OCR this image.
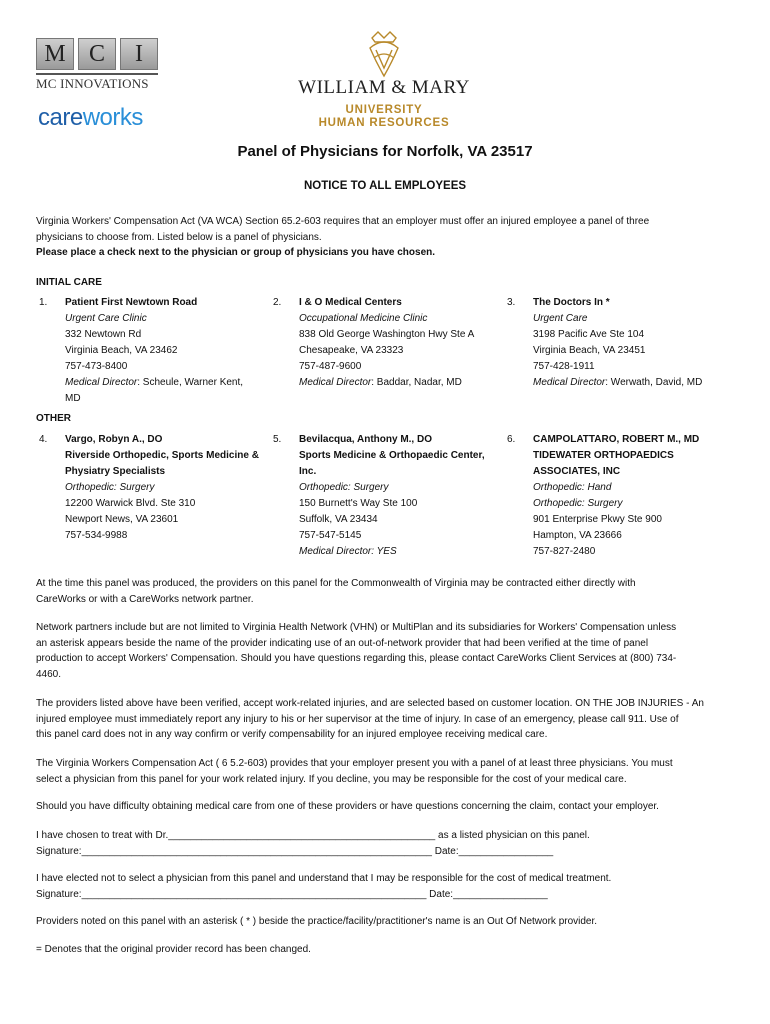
M C	I
MC INNOVATIONS
careworks
WILLIAM & MARY
UNIVERSITY
HUMAN RESOURCES
Panel of Physicians for Norfolk, VA 23517
NOTICE TO ALL EMPLOYEES
Virginia Workers' Compensation Act (VA WCA) Section 65.2-603 requires that an employer must offer an injured employee a panel of three
physicians to choose from. Listed below is a panel of physicians.
Please place a check next to the physician or group of physicians you have chosen.
INITIAL CARE
1. Patient First Newtown Road
Urgent Care Clinic
332 Newtown Rd
Virginia Beach, VA 23462
757-473-8400
Medical Director: Scheule, Warner Kent,
MD
2. I & O Medical Centers
Occupational Medicine Clinic
838 Old George Washington Hwy Ste A
Chesapeake, VA 23323
757-487-9600
Medical Director: Baddar, Nadar, MD
3. The Doctors In *
Urgent Care
3198 Pacific Ave Ste 104
Virginia Beach, VA 23451
757-428-1911
Medical Director: Werwath, David, MD
OTHER
4. Vargo, Robyn A., DO
Riverside Orthopedic, Sports Medicine &
Physiatry Specialists
Orthopedic: Surgery
12200 Warwick Blvd. Ste 310
Newport News, VA 23601
757-534-9988
5. Bevilacqua, Anthony M., DO
Sports Medicine & Orthopaedic Center,
Inc.
Orthopedic: Surgery
150 Burnett's Way Ste 100
Suffolk, VA 23434
757-547-5145
Medical Director: YES
6. CAMPOLATTARO, ROBERT M., MD
TIDEWATER ORTHOPAEDICS
ASSOCIATES, INC
Orthopedic: Hand
Orthopedic: Surgery
901 Enterprise Pkwy Ste 900
Hampton, VA 23666
757-827-2480
At the time this panel was produced, the providers on this panel for the Commonwealth of Virginia may be contracted either directly with
CareWorks or with a CareWorks network partner.
Network partners include but are not limited to Virginia Health Network (VHN) or MultiPlan and its subsidiaries for Workers' Compensation unless
an asterisk appears beside the name of the provider indicating use of an out-of-network provider that had been verified at the time of panel
production to accept Workers' Compensation. Should you have questions regarding this, please contact CareWorks Client Services at (800) 734-
4460.
The providers listed above have been verified, accept work-related injuries, and are selected based on customer location. ON THE JOB INJURIES - An
injured employee must immediately report any injury to his or her supervisor at the time of injury. In case of an emergency, please call 911. Use of
this panel card does not in any way confirm or verify compensability for an injured employee receiving medical care.
The Virginia Workers Compensation Act ( 6 5.2-603) provides that your employer present you with a panel of at least three physicians. You must
select a physician from this panel for your work related injury. If you decline, you may be responsible for the cost of your medical care.
Should you have difficulty obtaining medical care from one of these providers or have questions concerning the claim, contact your employer.
I have chosen to treat with Dr.________________________________________________ as a listed physician on this panel.
Signature:_______________________________________________________________ Date:_________________
I have elected not to select a physician from this panel and understand that I may be responsible for the cost of medical treatment.
Signature:______________________________________________________________ Date:_________________
Providers noted on this panel with an asterisk ( * ) beside the practice/facility/practitioner's name is an Out Of Network provider.
= Denotes that the original provider record has been changed.
